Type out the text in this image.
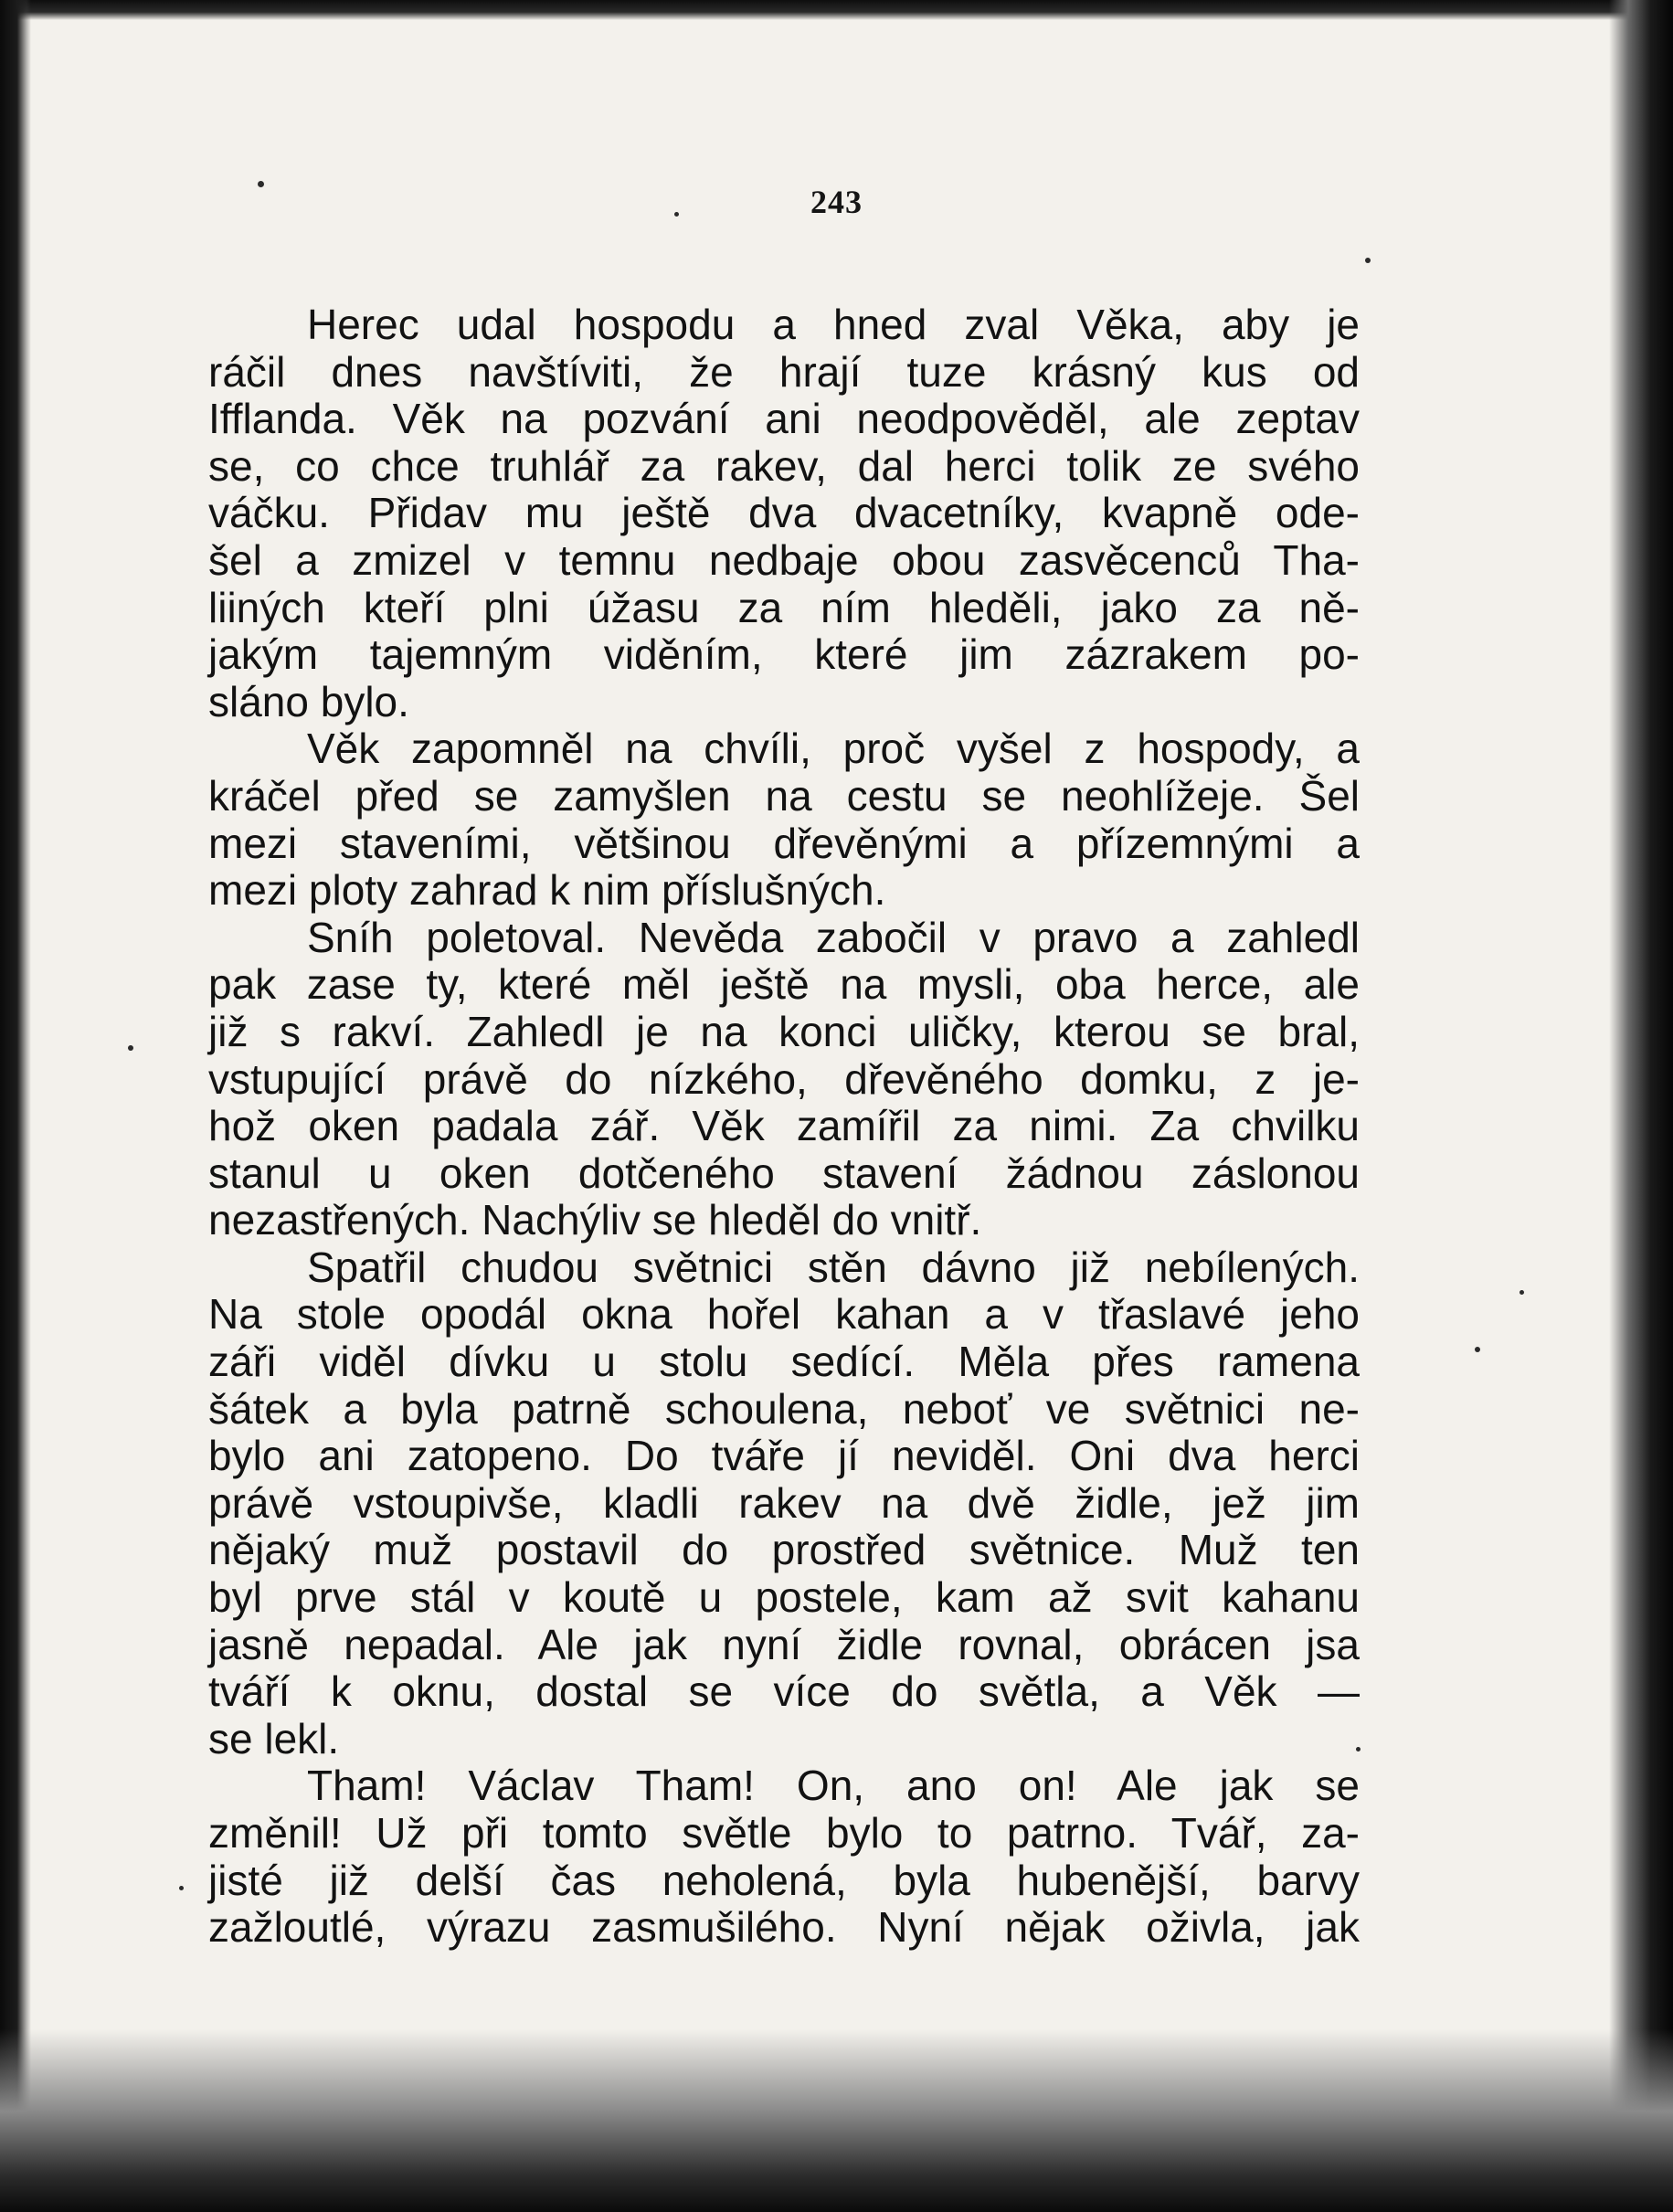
243
Herec udal hospodu a hned zval Věka, aby je
ráčil dnes navštíviti, že hrají tuze krásný kus od
Ifflanda. Věk na pozvání ani neodpověděl, ale zeptav
se, co chce truhlář za rakev, dal herci tolik ze svého
váčku. Přidav mu ještě dva dvacetníky, kvapně ode-
šel a zmizel v temnu nedbaje obou zasvěcenců Tha-
liiných kteří plni úžasu za ním hleděli, jako za ně-
jakým tajemným viděním, které jim zázrakem po-
sláno bylo.
Věk zapomněl na chvíli, proč vyšel z hospody, a
kráčel před se zamyšlen na cestu se neohlížeje. Šel
mezi staveními, většinou dřevěnými a přízemnými a
mezi ploty zahrad k nim příslušných.
Sníh poletoval. Nevěda zabočil v pravo a zahledl
pak zase ty, které měl ještě na mysli, oba herce, ale
již s rakví. Zahledl je na konci uličky, kterou se bral,
vstupující právě do nízkého, dřevěného domku, z je-
hož oken padala zář. Věk zamířil za nimi. Za chvilku
stanul u oken dotčeného stavení žádnou záslonou
nezastřených. Nachýliv se hleděl do vnitř.
Spatřil chudou světnici stěn dávno již nebílených.
Na stole opodál okna hořel kahan a v třaslavé jeho
záři viděl dívku u stolu sedící. Měla přes ramena
šátek a byla patrně schoulena, neboť ve světnici ne-
bylo ani zatopeno. Do tváře jí neviděl. Oni dva herci
právě vstoupivše, kladli rakev na dvě židle, jež jim
nějaký muž postavil do prostřed světnice. Muž ten
byl prve stál v koutě u postele, kam až svit kahanu
jasně nepadal. Ale jak nyní židle rovnal, obrácen jsa
tváří k oknu, dostal se více do světla, a Věk —
se lekl.
Tham! Václav Tham! On, ano on! Ale jak se
změnil! Už při tomto světle bylo to patrno. Tvář, za-
jisté již delší čas neholená, byla hubenější, barvy
zažloutlé, výrazu zasmušilého. Nyní nějak oživla, jak
